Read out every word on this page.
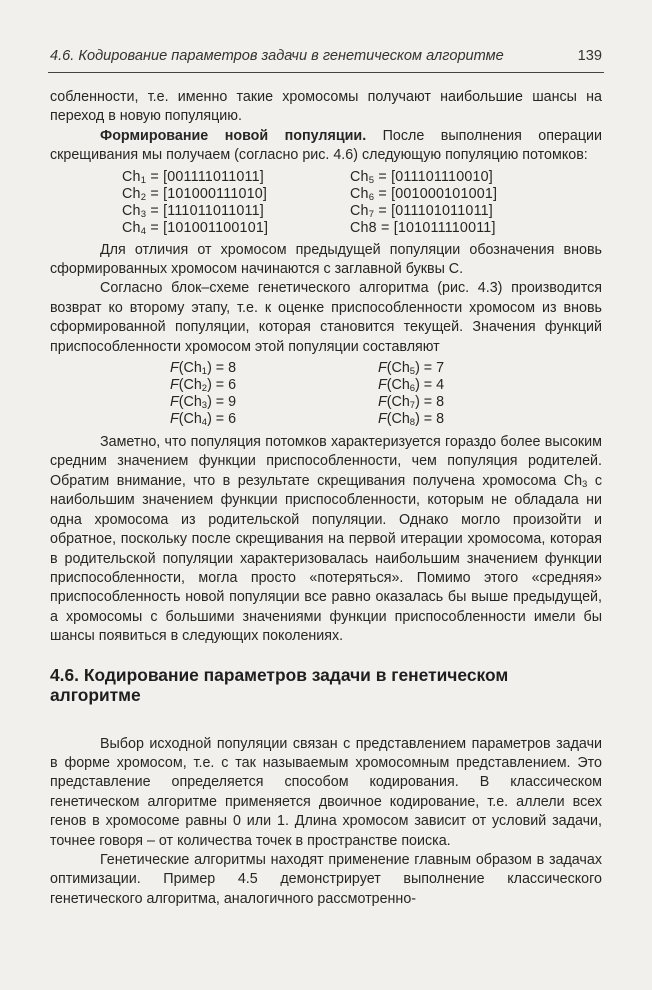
4.6. Кодирование параметров задачи в генетическом алгоритме	139

собленности, т.е. именно такие хромосомы получают наибольшие шансы на переход в новую популяцию.

Формирование новой популяции. После выполнения операции скрещивания мы получаем (согласно рис. 4.6) следующую популяцию потомков:

$Ch_1 = [001111011011]$	$Ch_5 = [011101110010]$
$Ch_2 = [101000111010]$	$Ch_6 = [001000101001]$
$Ch_3 = [111011011011]$	$Ch_7 = [011101011011]$
$Ch_4 = [101001100101]$	Ch8 = [101011110011]

Для отличия от хромосом предыдущей популяции обозначения вновь сформированных хромосом начинаются с заглавной буквы С.

Согласно блок–схеме генетического алгоритма (рис. 4.3) производится возврат ко второму этапу, т.е. к оценке приспособленности хромосом из вновь сформированной популяции, которая становится текущей. Значения функций приспособленности хромосом этой популяции составляют

$F(Ch_1) = 8$	$F(Ch_5) = 7$
$F(Ch_2) = 6$	$F(Ch_6) = 4$
$F(Ch_3) = 9$	$F(Ch_7) = 8$
$F(Ch_4) = 6$	$F(Ch_8) = 8$

Заметно, что популяция потомков характеризуется гораздо более высоким средним значением функции приспособленности, чем популяция родителей. Обратим внимание, что в результате скрещивания получена хромосома $Ch_3$ с наибольшим значением функции приспособленности, которым не обладала ни одна хромосома из родительской популяции. Однако могло произойти и обратное, поскольку после скрещивания на первой итерации хромосома, которая в родительской популяции характеризовалась наибольшим значением функции приспособленности, могла просто «потеряться». Помимо этого «средняя» приспособленность новой популяции все равно оказалась бы выше предыдущей, а хромосомы с большими значениями функции приспособленности имели бы шансы появиться в следующих поколениях.

4.6. Кодирование параметров задачи в генетическом алгоритме

Выбор исходной популяции связан с представлением параметров задачи в форме хромосом, т.е. с так называемым хромосомным представлением. Это представление определяется способом кодирования. В классическом генетическом алгоритме применяется двоичное кодирование, т.е. аллели всех генов в хромосоме равны 0 или 1. Длина хромосом зависит от условий задачи, точнее говоря – от количества точек в пространстве поиска.

Генетические алгоритмы находят применение главным образом в задачах оптимизации. Пример 4.5 демонстрирует выполнение классического генетического алгоритма, аналогичного рассмотренно-
